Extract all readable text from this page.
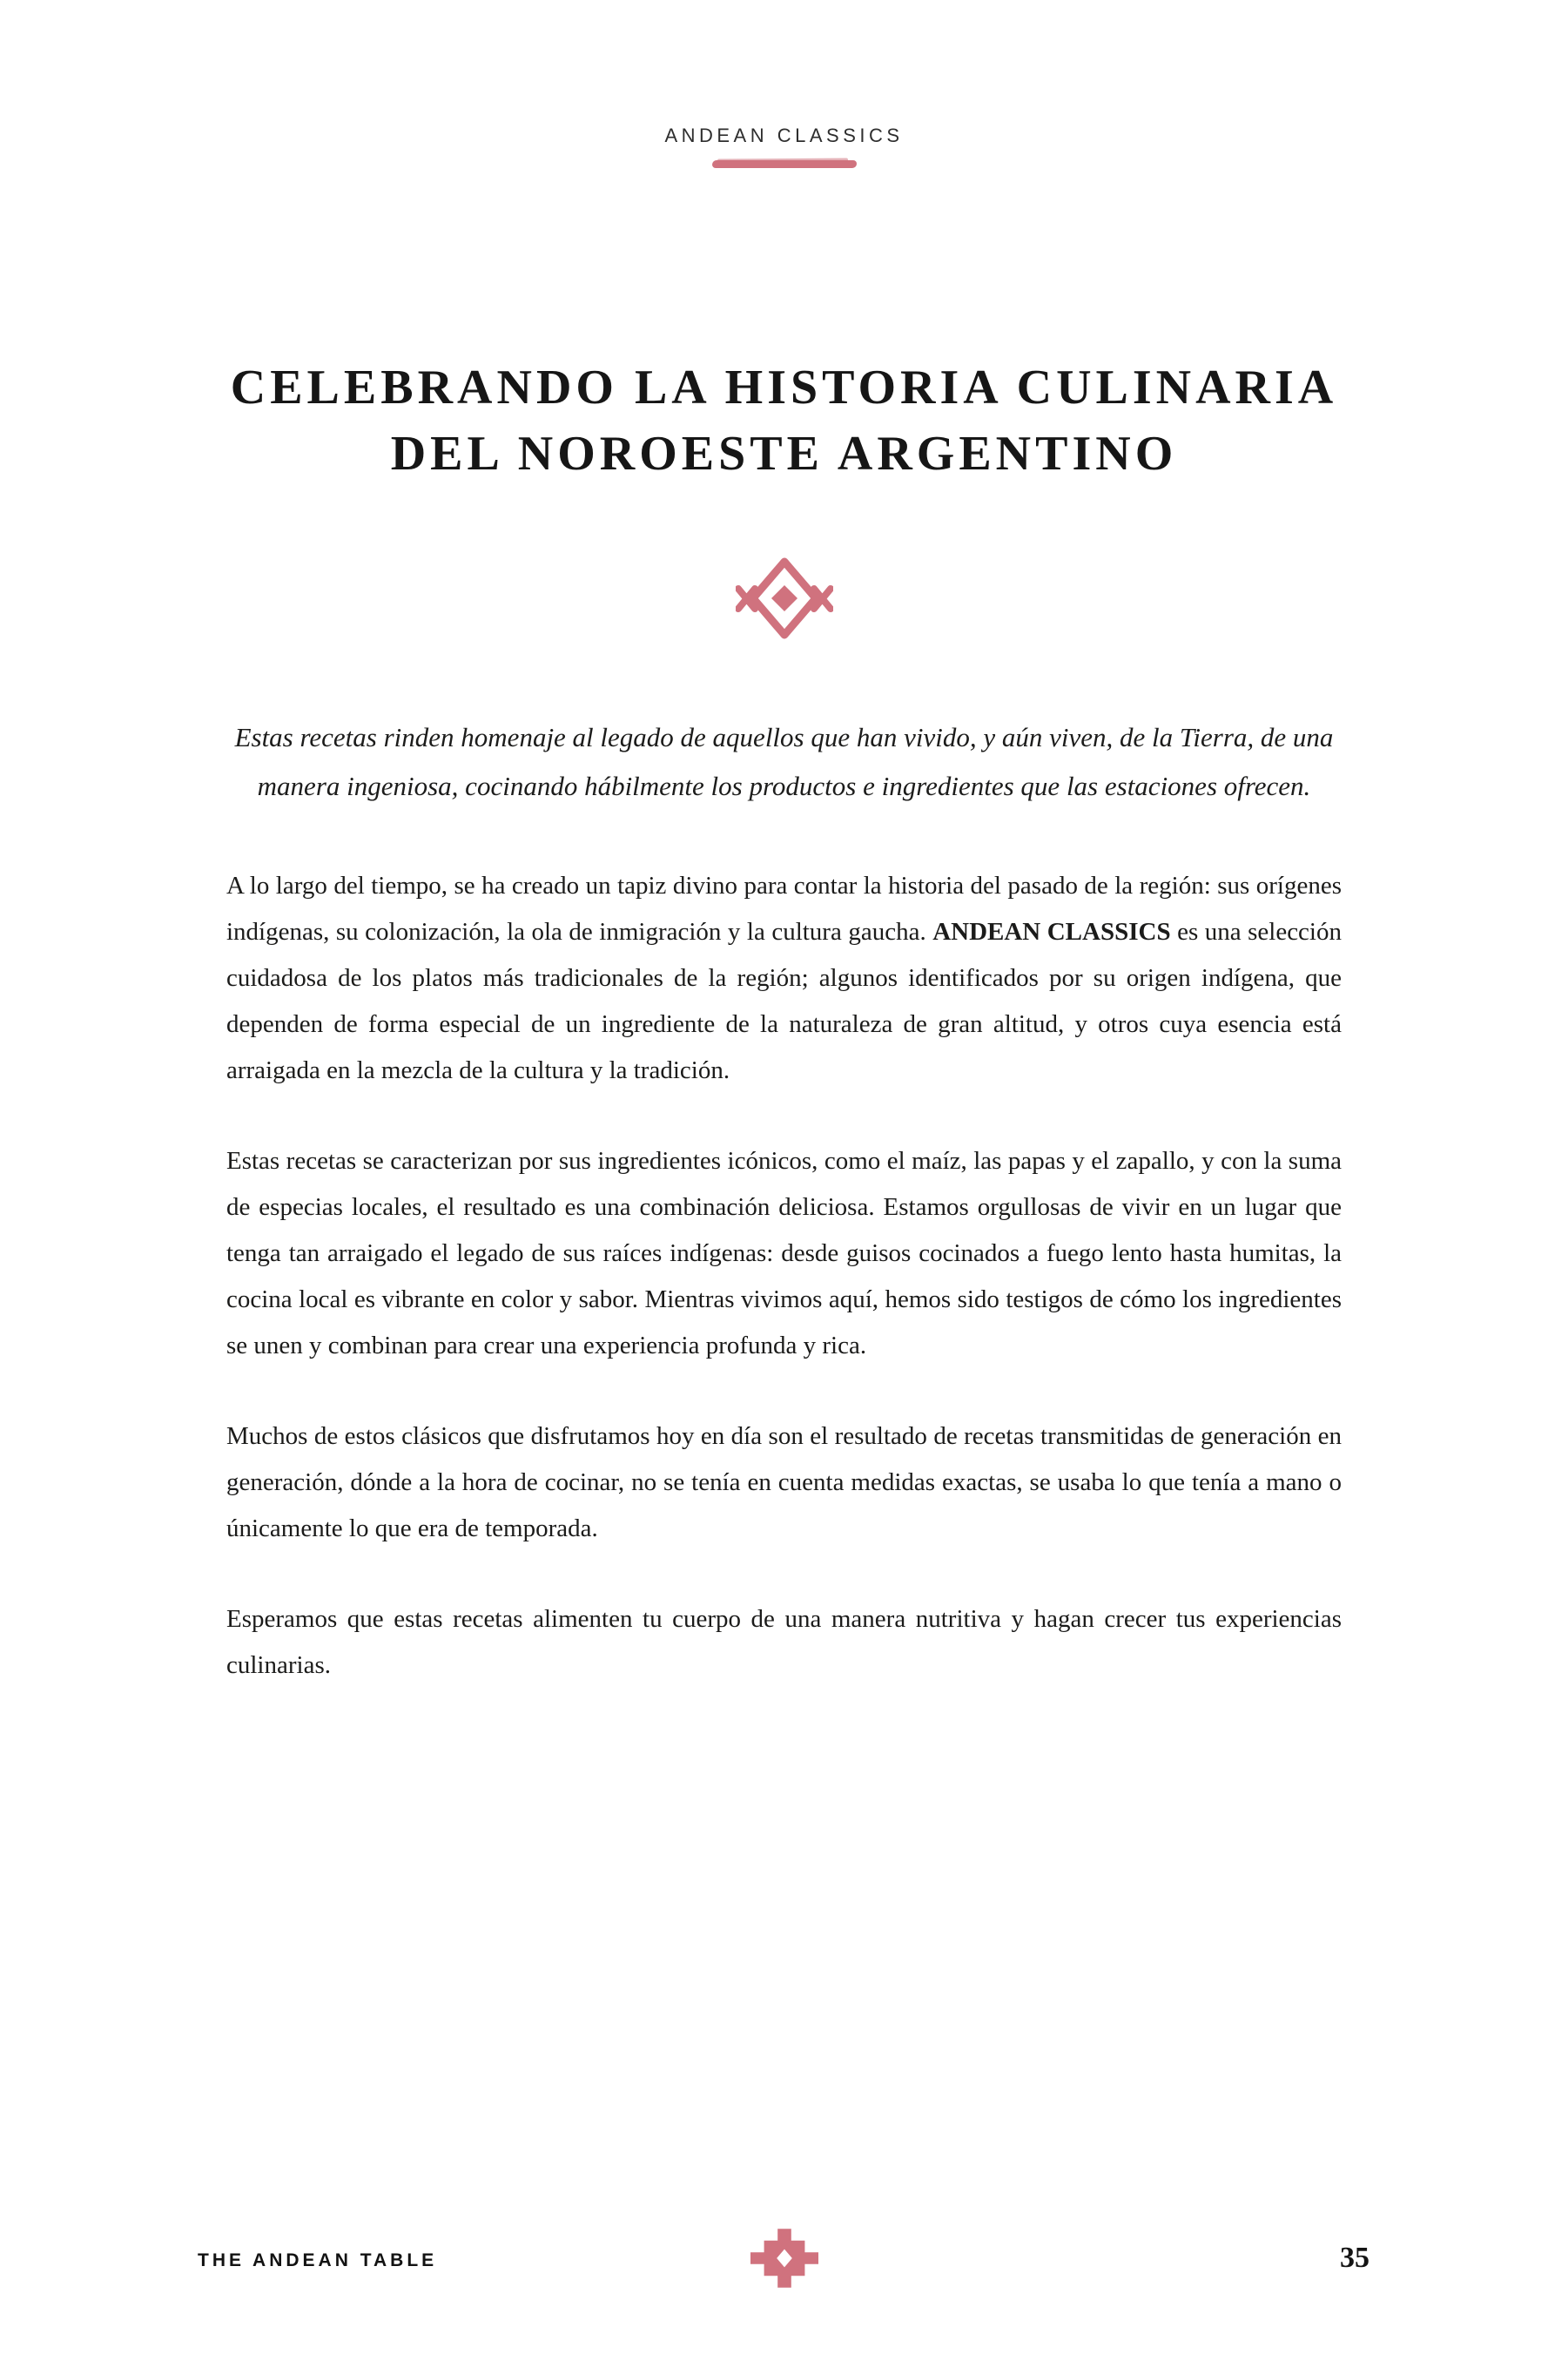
ANDEAN CLASSICS
CELEBRANDO LA HISTORIA CULINARIA
DEL NOROESTE ARGENTINO

Estas recetas rinden homenaje al legado de aquellos que han vivido, y aún viven, de la Tierra, de una manera ingeniosa, cocinando hábilmente los productos e ingredientes que las estaciones ofrecen.

A lo largo del tiempo, se ha creado un tapiz divino para contar la historia del pasado de la región: sus orígenes indígenas, su colonización, la ola de inmigración y la cultura gaucha. ANDEAN CLASSICS es una selección cuidadosa de los platos más tradicionales de la región; algunos identificados por su origen indígena, que dependen de forma especial de un ingrediente de la naturaleza de gran altitud, y otros cuya esencia está arraigada en la mezcla de la cultura y la tradición.

Estas recetas se caracterizan por sus ingredientes icónicos, como el maíz, las papas y el zapallo, y con la suma de especias locales, el resultado es una combinación deliciosa. Estamos orgullosas de vivir en un lugar que tenga tan arraigado el legado de sus raíces indígenas: desde guisos cocinados a fuego lento hasta humitas, la cocina local es vibrante en color y sabor. Mientras vivimos aquí, hemos sido testigos de cómo los ingredientes se unen y combinan para crear una experiencia profunda y rica.

Muchos de estos clásicos que disfrutamos hoy en día son el resultado de recetas transmitidas de generación en generación, dónde a la hora de cocinar, no se tenía en cuenta medidas exactas, se usaba lo que tenía a mano o únicamente lo que era de temporada.

Esperamos que estas recetas alimenten tu cuerpo de una manera nutritiva y hagan crecer tus experiencias culinarias.

THE ANDEAN TABLE	35
